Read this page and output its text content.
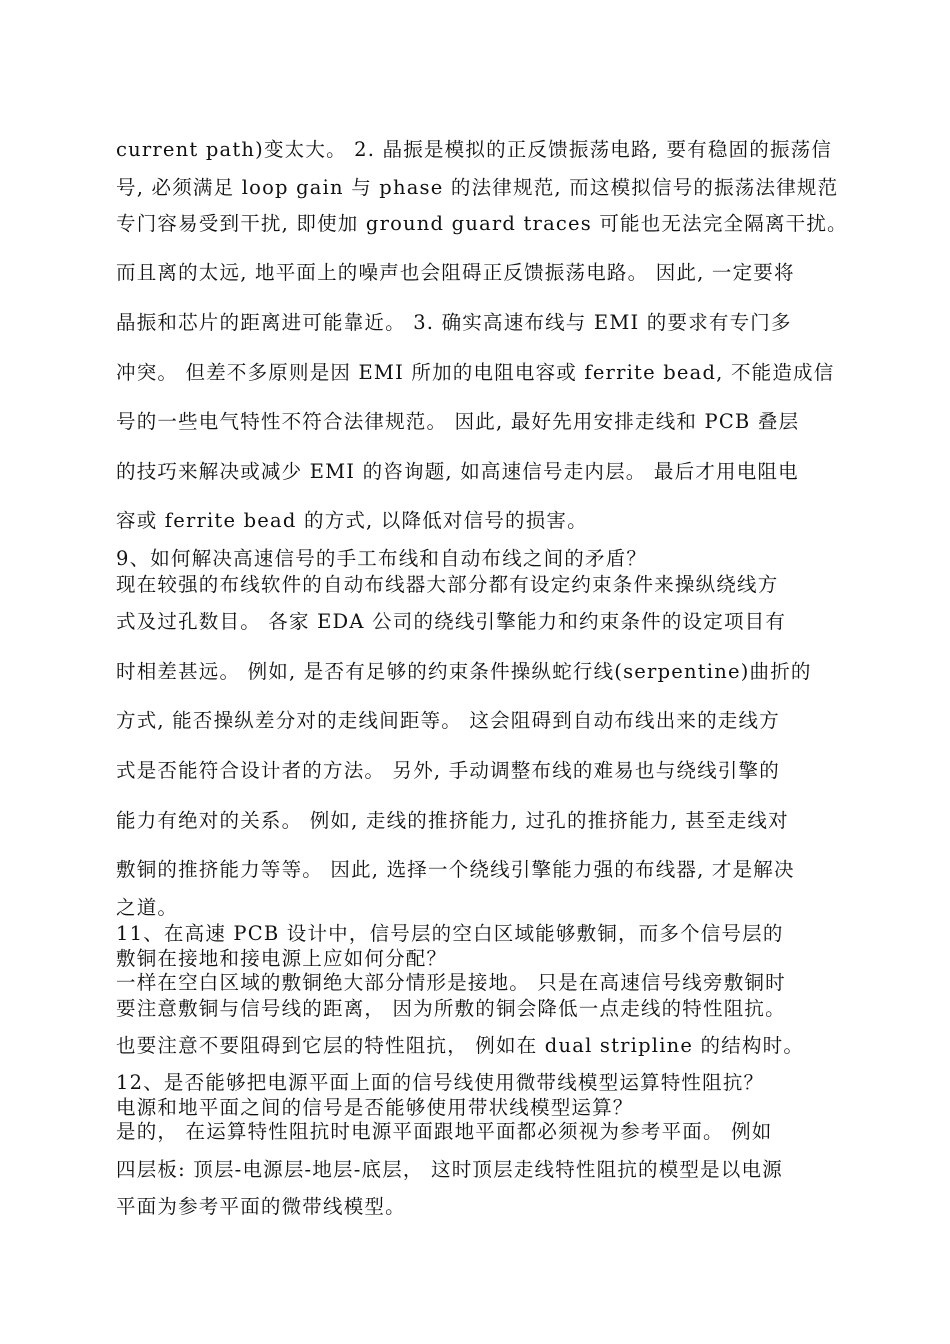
current path)变太大。 2. 晶振是模拟的正反馈振荡电路, 要有稳固的振荡信
号, 必须满足 loop gain 与 phase 的法律规范, 而这模拟信号的振荡法律规范
专门容易受到干扰, 即使加 ground guard traces 可能也无法完全隔离干扰。
而且离的太远, 地平面上的噪声也会阻碍正反馈振荡电路。 因此, 一定要将
晶振和芯片的距离进可能靠近。 3. 确实高速布线与 EMI 的要求有专门多
冲突。 但差不多原则是因 EMI 所加的电阻电容或 ferrite bead, 不能造成信
号的一些电气特性不符合法律规范。 因此, 最好先用安排走线和 PCB 叠层
的技巧来解决或减少 EMI 的咨询题, 如高速信号走内层。 最后才用电阻电
容或 ferrite bead 的方式, 以降低对信号的损害。
9、如何解决高速信号的手工布线和自动布线之间的矛盾？
现在较强的布线软件的自动布线器大部分都有设定约束条件来操纵绕线方
式及过孔数目。 各家 EDA 公司的绕线引擎能力和约束条件的设定项目有
时相差甚远。 例如, 是否有足够的约束条件操纵蛇行线(serpentine)曲折的
方式, 能否操纵差分对的走线间距等。 这会阻碍到自动布线出来的走线方
式是否能符合设计者的方法。 另外, 手动调整布线的难易也与绕线引擎的
能力有绝对的关系。 例如, 走线的推挤能力, 过孔的推挤能力, 甚至走线对
敷铜的推挤能力等等。 因此, 选择一个绕线引擎能力强的布线器, 才是解决
之道。
11、在高速 PCB 设计中，信号层的空白区域能够敷铜，而多个信号层的
敷铜在接地和接电源上应如何分配？
一样在空白区域的敷铜绝大部分情形是接地。 只是在高速信号线旁敷铜时
要注意敷铜与信号线的距离， 因为所敷的铜会降低一点走线的特性阻抗。
也要注意不要阻碍到它层的特性阻抗， 例如在 dual stripline 的结构时。
12、是否能够把电源平面上面的信号线使用微带线模型运算特性阻抗？
电源和地平面之间的信号是否能够使用带状线模型运算？
是的， 在运算特性阻抗时电源平面跟地平面都必须视为参考平面。 例如
四层板: 顶层-电源层-地层-底层， 这时顶层走线特性阻抗的模型是以电源
平面为参考平面的微带线模型。
